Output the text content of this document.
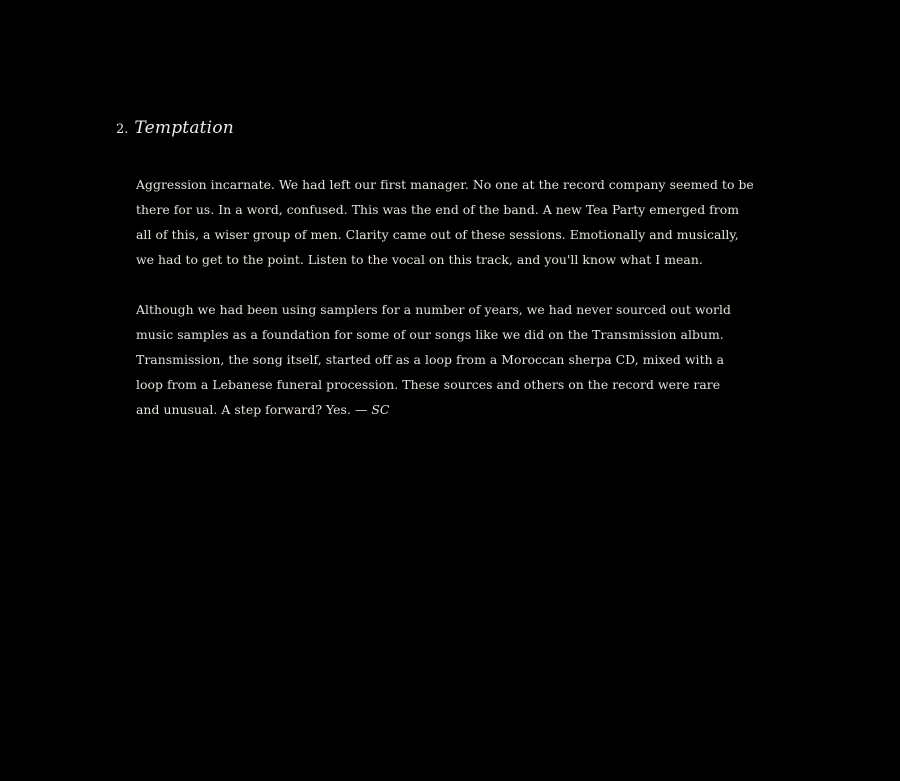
2. Temptation

Aggression incarnate. We had left our first manager. No one at the record company seemed to be
there for us. In a word, confused. This was the end of the band. A new Tea Party emerged from
all of this, a wiser group of men. Clarity came out of these sessions. Emotionally and musically,
we had to get to the point. Listen to the vocal on this track, and you'll know what I mean.

Although we had been using samplers for a number of years, we had never sourced out world
music samples as a foundation for some of our songs like we did on the Transmission album.
Transmission, the song itself, started off as a loop from a Moroccan sherpa CD, mixed with a
loop from a Lebanese funeral procession. These sources and others on the record were rare
and unusual. A step forward? Yes. — SC
